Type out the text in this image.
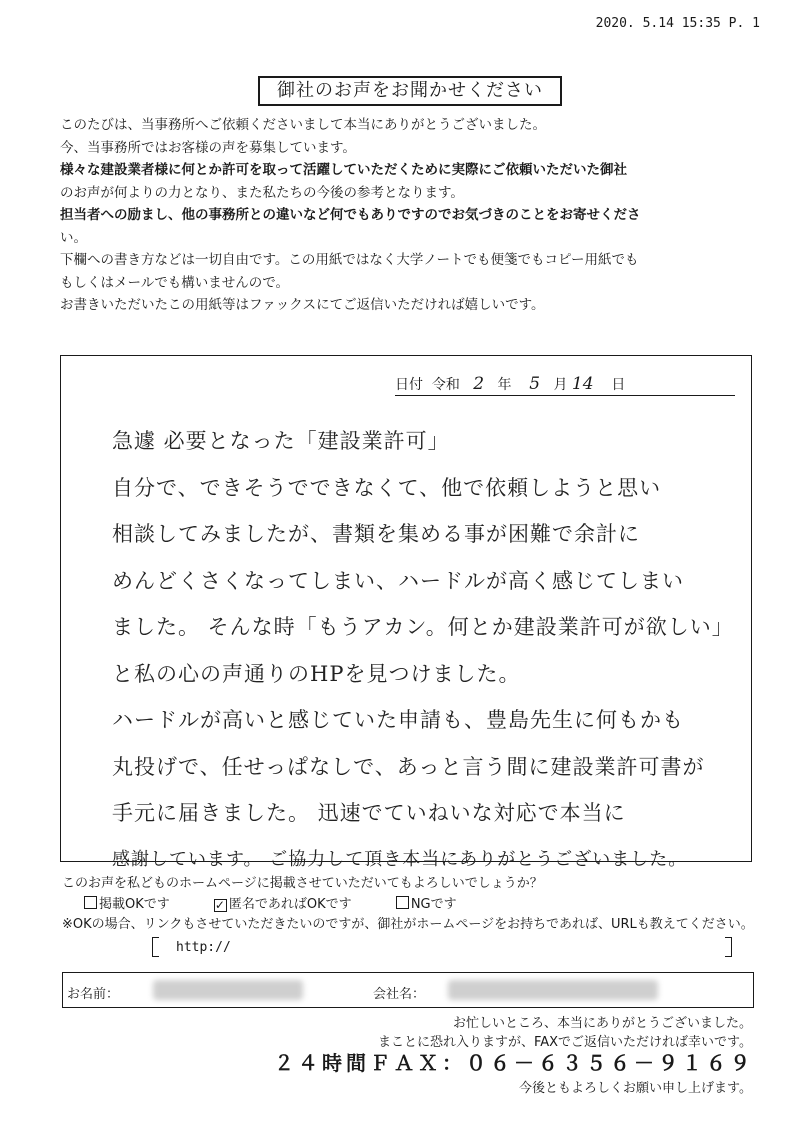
2020. 5.14 15:35 P. 1
御社のお声をお聞かせください

このたびは、当事務所へご依頼くださいまして本当にありがとうございました。

今、当事務所ではお客様の声を募集しています。

様々な建設業者様に何とか許可を取って活躍していただくために実際にご依頼いただいた御社

のお声が何よりの力となり、また私たちの今後の参考となります。

担当者への励まし、他の事務所との違いなど何でもありですのでお気づきのことをお寄せくださ

い。

下欄への書き方などは一切自由です。この用紙ではなく大学ノートでも便箋でもコピー用紙でも

もしくはメールでも構いませんので。

お書きいただいたこの用紙等はファックスにてご返信いただければ嬉しいです。

日付 令和 2 年 5 月 14 日
急遽 必要となった「建設業許可」
自分で、できそうでできなくて、他で依頼しようと思い
相談してみましたが、書類を集める事が困難で余計に
めんどくさくなってしまい、ハードルが高く感じてしまい
ました。 そんな時「もうアカン。何とか建設業許可が欲しい」
と私の心の声通りのHPを見つけました。
ハードルが高いと感じていた申請も、豊島先生に何もかも
丸投げで、任せっぱなしで、あっと言う間に建設業許可書が
手元に届きました。 迅速でていねいな対応で本当に
感謝しています。 ご協力して頂き本当にありがとうございました。
このお声を私どものホームページに掲載させていただいてもよろしいでしょうか？
掲載OKです	✓ 匿名であればOKです	NGです
※OKの場合、リンクもさせていただきたいのですが、御社がホームページをお持ちであれば、URLも教えてください。
http://
お名前：	会社名：
お忙しいところ、本当にありがとうございました。
まことに恐れ入りますが、FAXでご返信いただければ幸いです。
２４時間ＦＡＸ：０６－６３５６－９１６９
今後ともよろしくお願い申し上げます。
